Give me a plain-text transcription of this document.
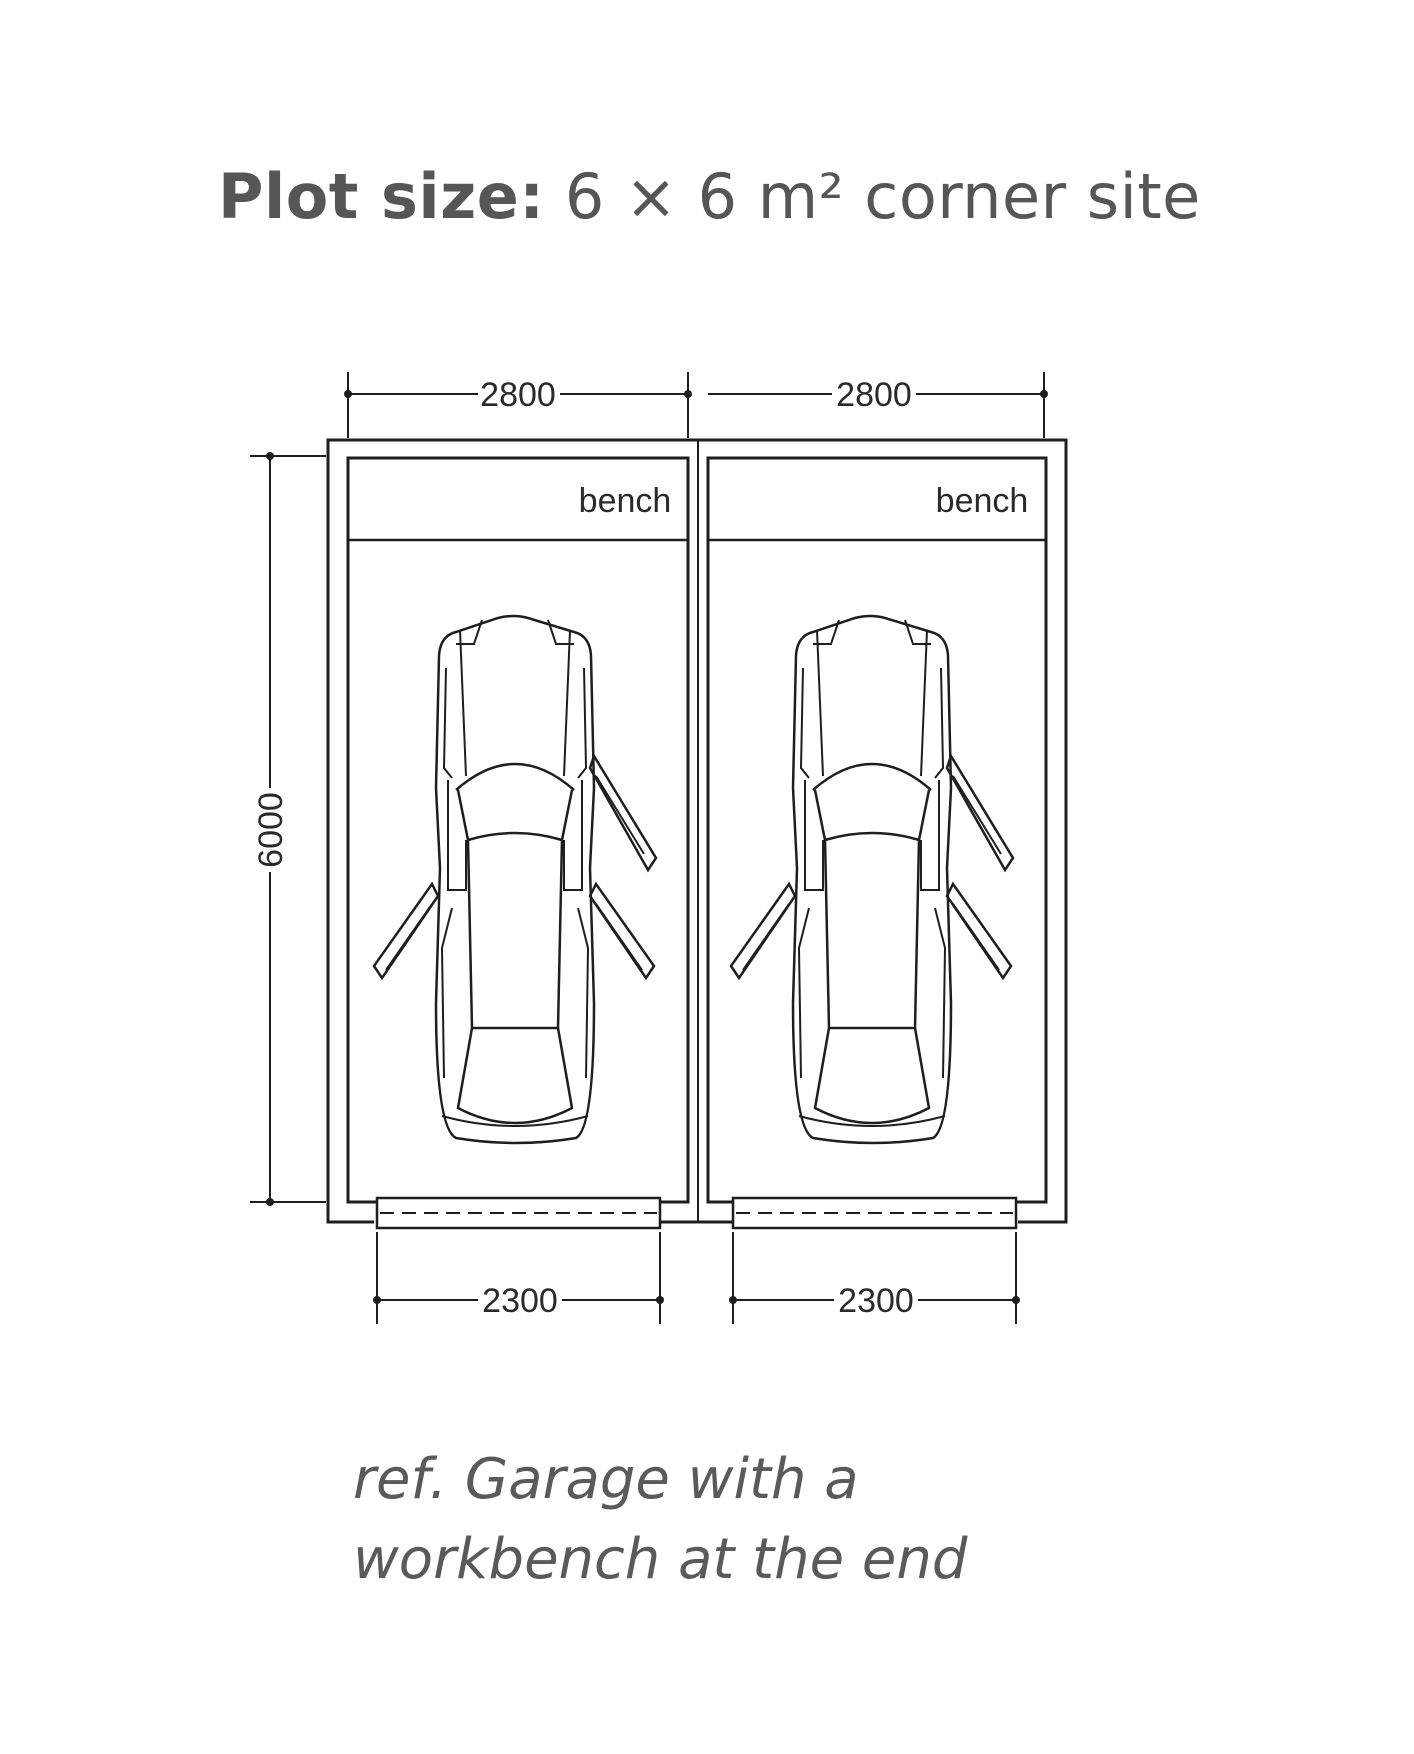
Plot size: 6 × 6 m² corner site
bench	bench
2800	2800
6000
2300	2300
ref. Garage with a
workbench at the end
